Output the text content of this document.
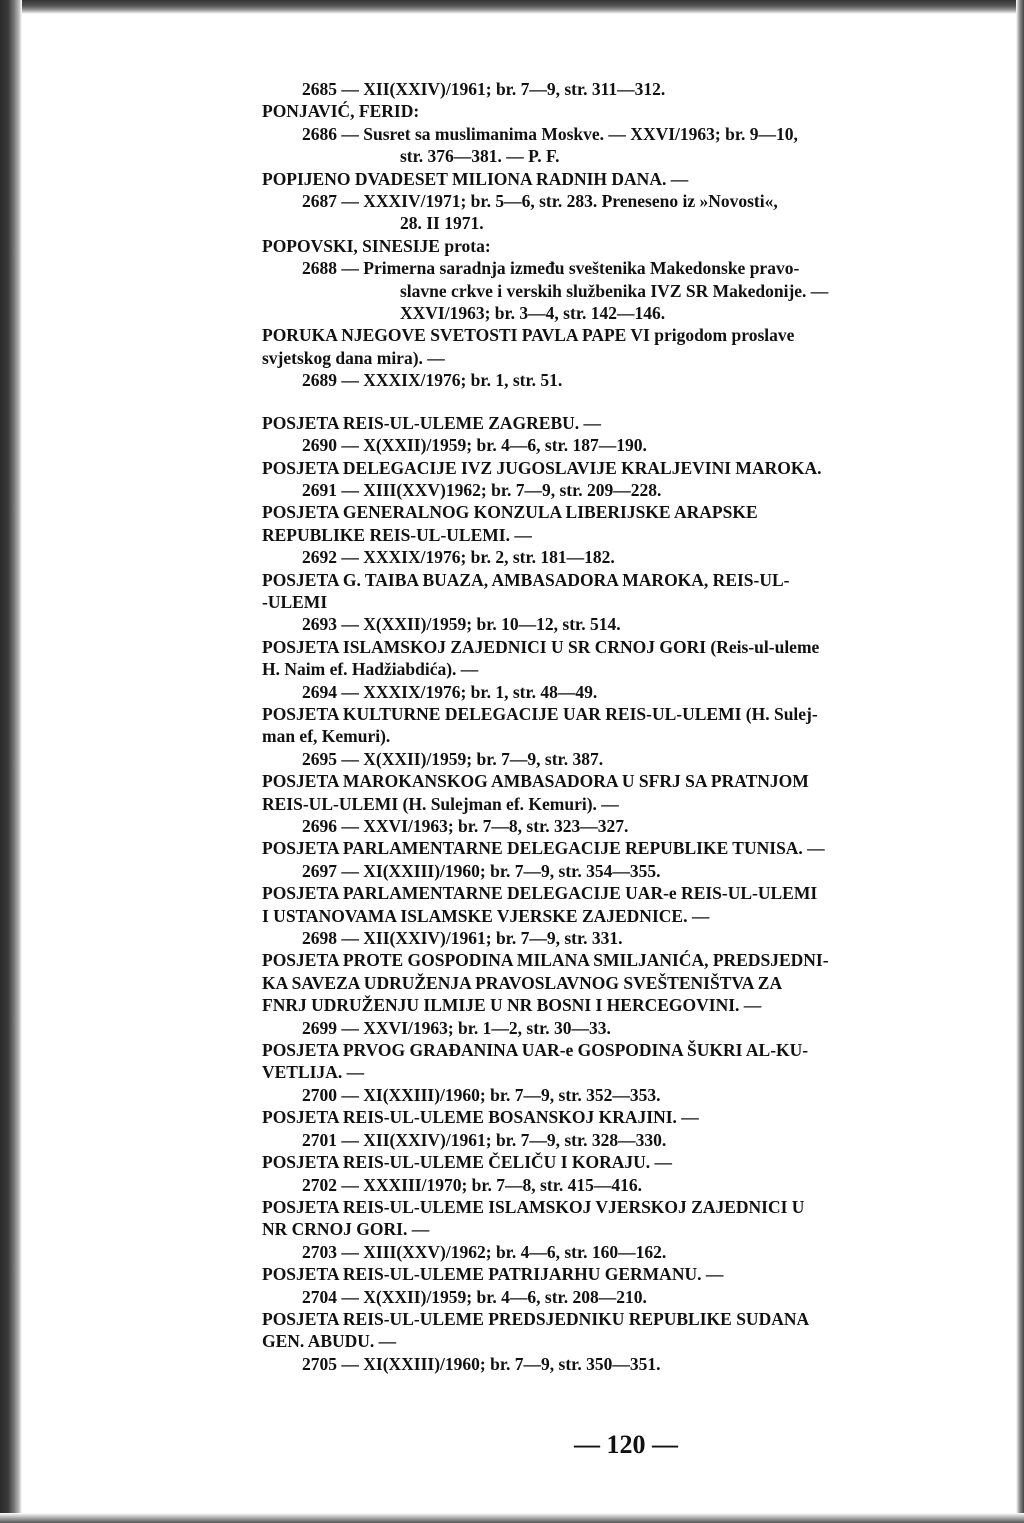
2685 — XII(XXIV)/1961; br. 7—9, str. 311—312.
PONJAVIĆ, FERID:
2686 — Susret sa muslimanima Moskve. — XXVI/1963; br. 9—10,
str. 376—381. — P. F.
POPIJENO DVADESET MILIONA RADNIH DANA. —
2687 — XXXIV/1971; br. 5—6, str. 283. Preneseno iz »Novosti«,
28. II 1971.
POPOVSKI, SINESIJE prota:
2688 — Primerna saradnja između sveštenika Makedonske pravo-
slavne crkve i verskih službenika IVZ SR Makedonije. —
XXVI/1963; br. 3—4, str. 142—146.
PORUKA NJEGOVE SVETOSTI PAVLA PAPE VI prigodom proslave
svjetskog dana mira). —
2689 — XXXIX/1976; br. 1, str. 51.
POSJETA REIS-UL-ULEME ZAGREBU. —
2690 — X(XXII)/1959; br. 4—6, str. 187—190.
POSJETA DELEGACIJE IVZ JUGOSLAVIJE KRALJEVINI MAROKA.
2691 — XIII(XXV)1962; br. 7—9, str. 209—228.
POSJETA GENERALNOG KONZULA LIBERIJSKE ARAPSKE
REPUBLIKE REIS-UL-ULEMI. —
2692 — XXXIX/1976; br. 2, str. 181—182.
POSJETA G. TAIBA BUAZA, AMBASADORA MAROKA, REIS-UL-
-ULEMI
2693 — X(XXII)/1959; br. 10—12, str. 514.
POSJETA ISLAMSKOJ ZAJEDNICI U SR CRNOJ GORI (Reis-ul-uleme
H. Naim ef. Hadžiabdića). —
2694 — XXXIX/1976; br. 1, str. 48—49.
POSJETA KULTURNE DELEGACIJE UAR REIS-UL-ULEMI (H. Sulej-
man ef, Kemuri).
2695 — X(XXII)/1959; br. 7—9, str. 387.
POSJETA MAROKANSKOG AMBASADORA U SFRJ SA PRATNJOM
REIS-UL-ULEMI (H. Sulejman ef. Kemuri). —
2696 — XXVI/1963; br. 7—8, str. 323—327.
POSJETA PARLAMENTARNE DELEGACIJE REPUBLIKE TUNISA. —
2697 — XI(XXIII)/1960; br. 7—9, str. 354—355.
POSJETA PARLAMENTARNE DELEGACIJE UAR-e REIS-UL-ULEMI
I USTANOVAMA ISLAMSKE VJERSKE ZAJEDNICE. —
2698 — XII(XXIV)/1961; br. 7—9, str. 331.
POSJETA PROTE GOSPODINA MILANA SMILJANIĆA, PREDSJEDNI-
KA SAVEZA UDRUŽENJA PRAVOSLAVNOG SVEŠTENIŠTVA ZA
FNRJ UDRUŽENJU ILMIJE U NR BOSNI I HERCEGOVINI. —
2699 — XXVI/1963; br. 1—2, str. 30—33.
POSJETA PRVOG GRAĐANINA UAR-e GOSPODINA ŠUKRI AL-KU-
VETLIJA. —
2700 — XI(XXIII)/1960; br. 7—9, str. 352—353.
POSJETA REIS-UL-ULEME BOSANSKOJ KRAJINI. —
2701 — XII(XXIV)/1961; br. 7—9, str. 328—330.
POSJETA REIS-UL-ULEME ČELIČU I KORAJU. —
2702 — XXXIII/1970; br. 7—8, str. 415—416.
POSJETA REIS-UL-ULEME ISLAMSKOJ VJERSKOJ ZAJEDNICI U
NR CRNOJ GORI. —
2703 — XIII(XXV)/1962; br. 4—6, str. 160—162.
POSJETA REIS-UL-ULEME PATRIJARHU GERMANU. —
2704 — X(XXII)/1959; br. 4—6, str. 208—210.
POSJETA REIS-UL-ULEME PREDSJEDNIKU REPUBLIKE SUDANA
GEN. ABUDU. —
2705 — XI(XXIII)/1960; br. 7—9, str. 350—351.
— 120 —
